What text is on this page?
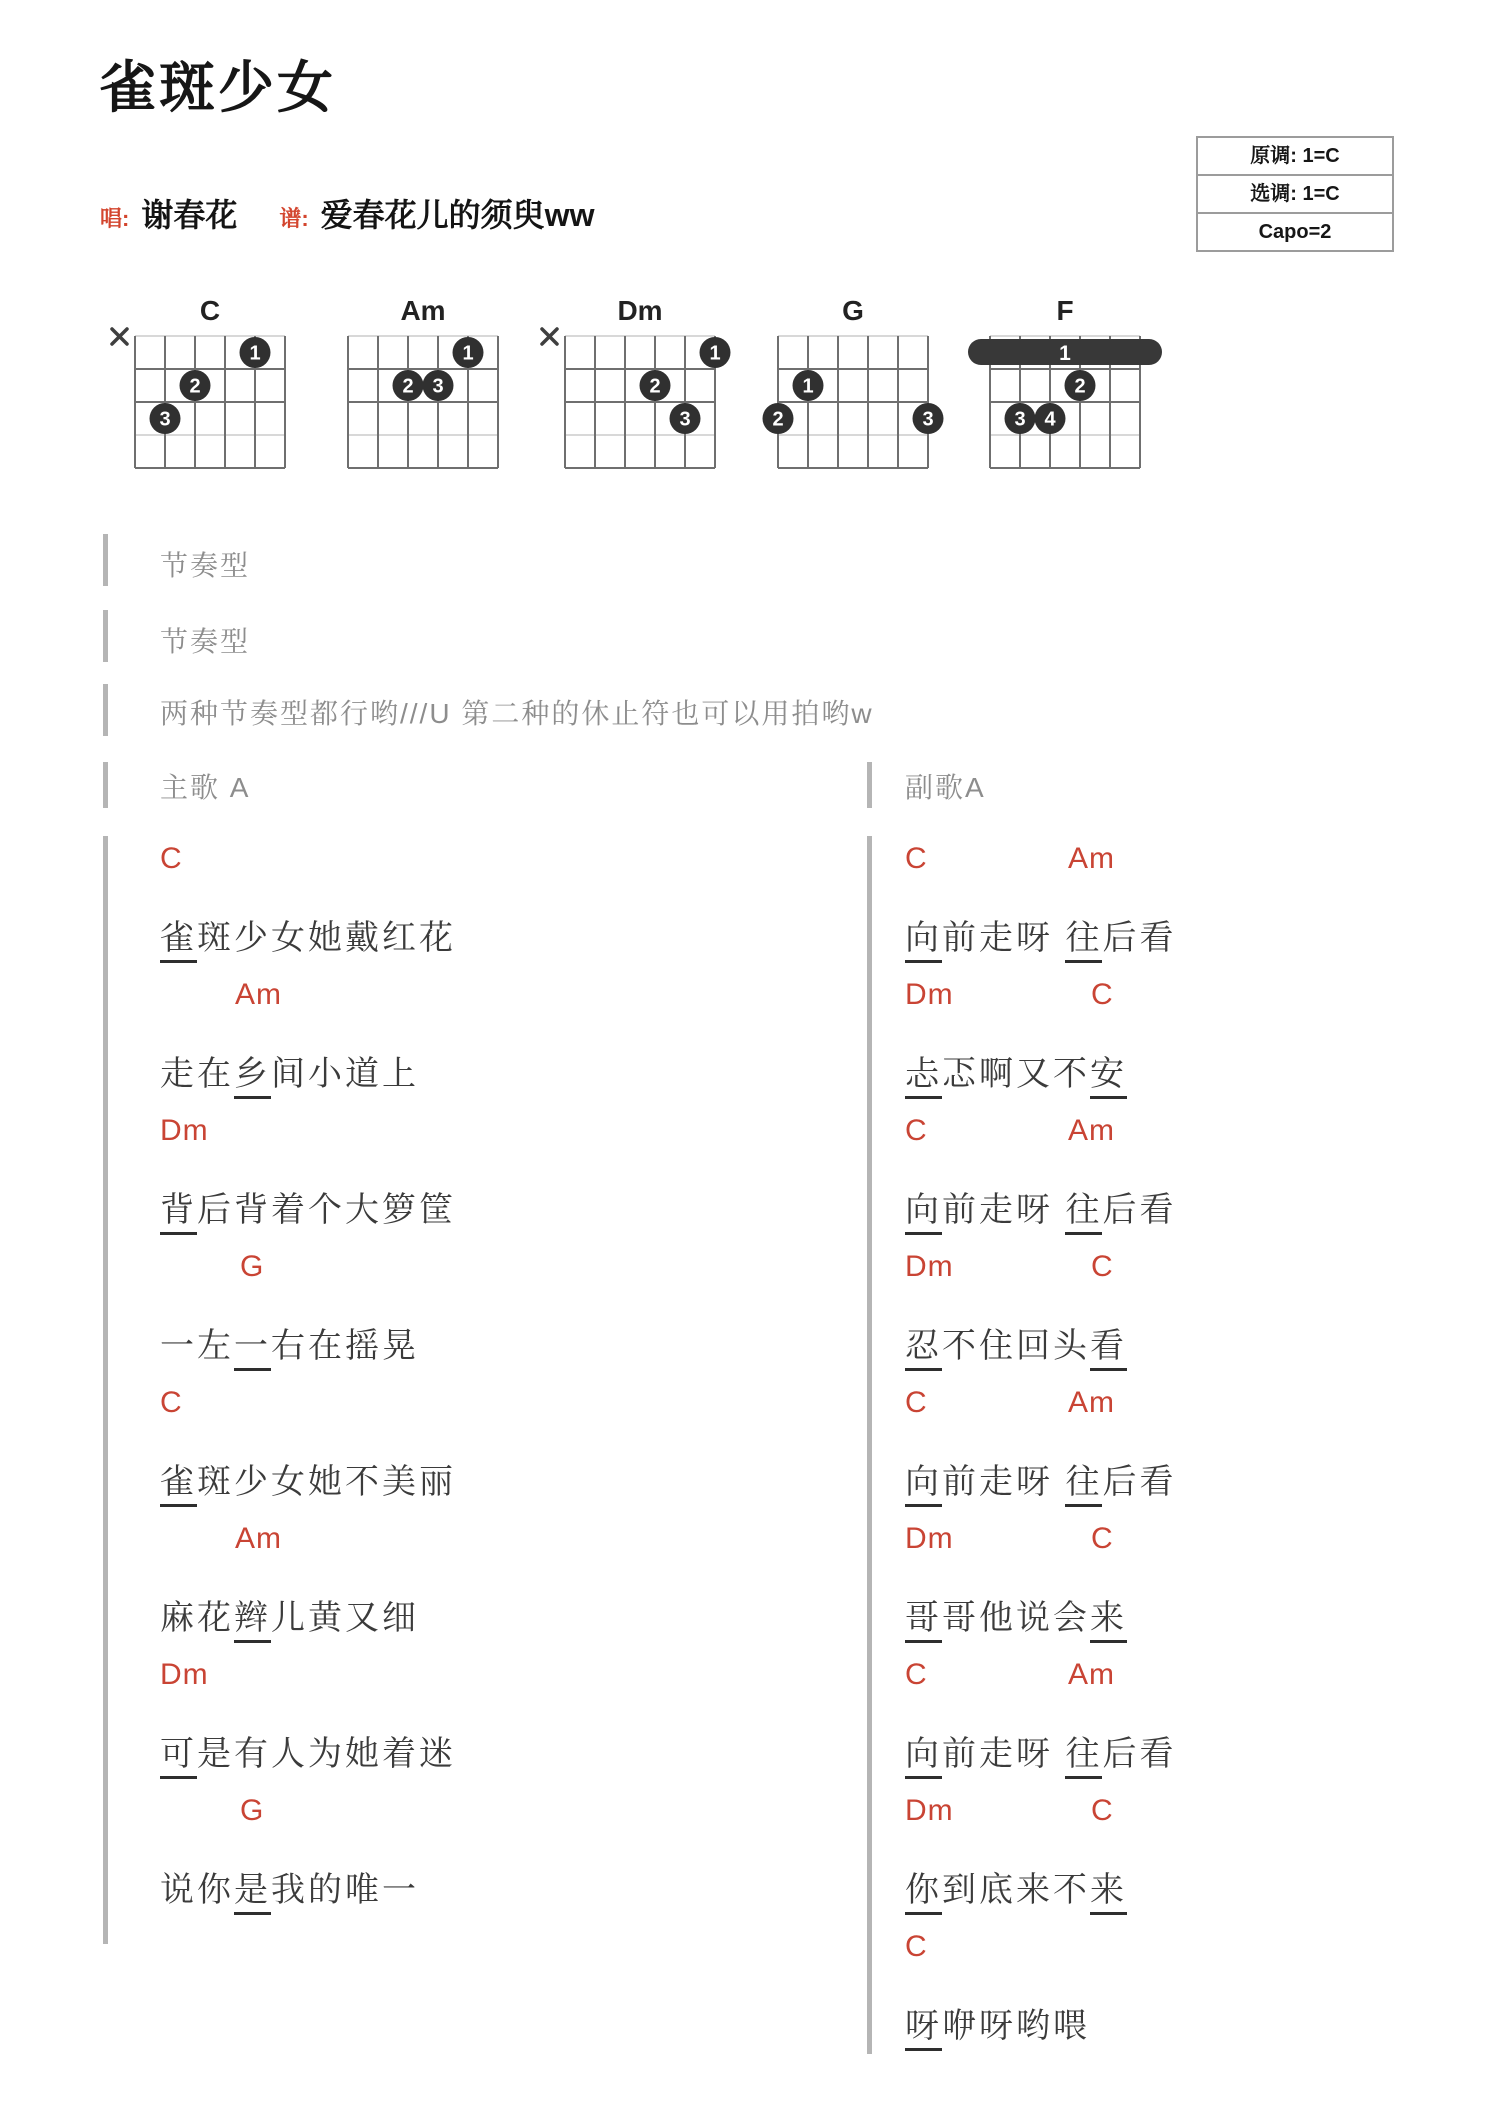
雀斑少女
原调: 1=C
选调: 1=C
Capo=2
唱: 谢春花 谱: 爱春花儿的须臾ww
C
1
2
3
Am
1
2 3
Dm
1
2
3
G
1
2	3
F
1
2
3 4
节奏型
节奏型
两种节奏型都行哟///U 第二种的休止符也可以用拍哟w
主歌 A	副歌A
C
雀斑少女她戴红花
Am
走在乡间小道上
Dm
背后背着个大箩筐
G
一左一右在摇晃
C
雀斑少女她不美丽
Am
麻花辫儿黄又细
Dm
可是有人为她着迷
G
说你是我的唯一
C	Am
向前走呀 往后看
Dm	C
忐忑啊又不安
C	Am
向前走呀 往后看
Dm	C
忍不住回头看
C	Am
向前走呀 往后看
Dm	C
哥哥他说会来
C	Am
向前走呀 往后看
Dm	C
你到底来不来
C
呀咿呀哟喂
